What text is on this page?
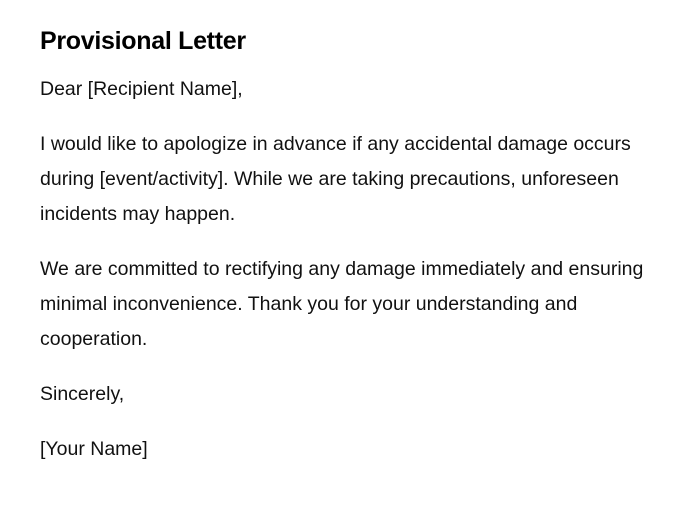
Provisional Letter

Dear [Recipient Name],

I would like to apologize in advance if any accidental damage occurs during [event/activity]. While we are taking precautions, unforeseen incidents may happen.

We are committed to rectifying any damage immediately and ensuring minimal inconvenience. Thank you for your understanding and cooperation.

Sincerely,

[Your Name]
